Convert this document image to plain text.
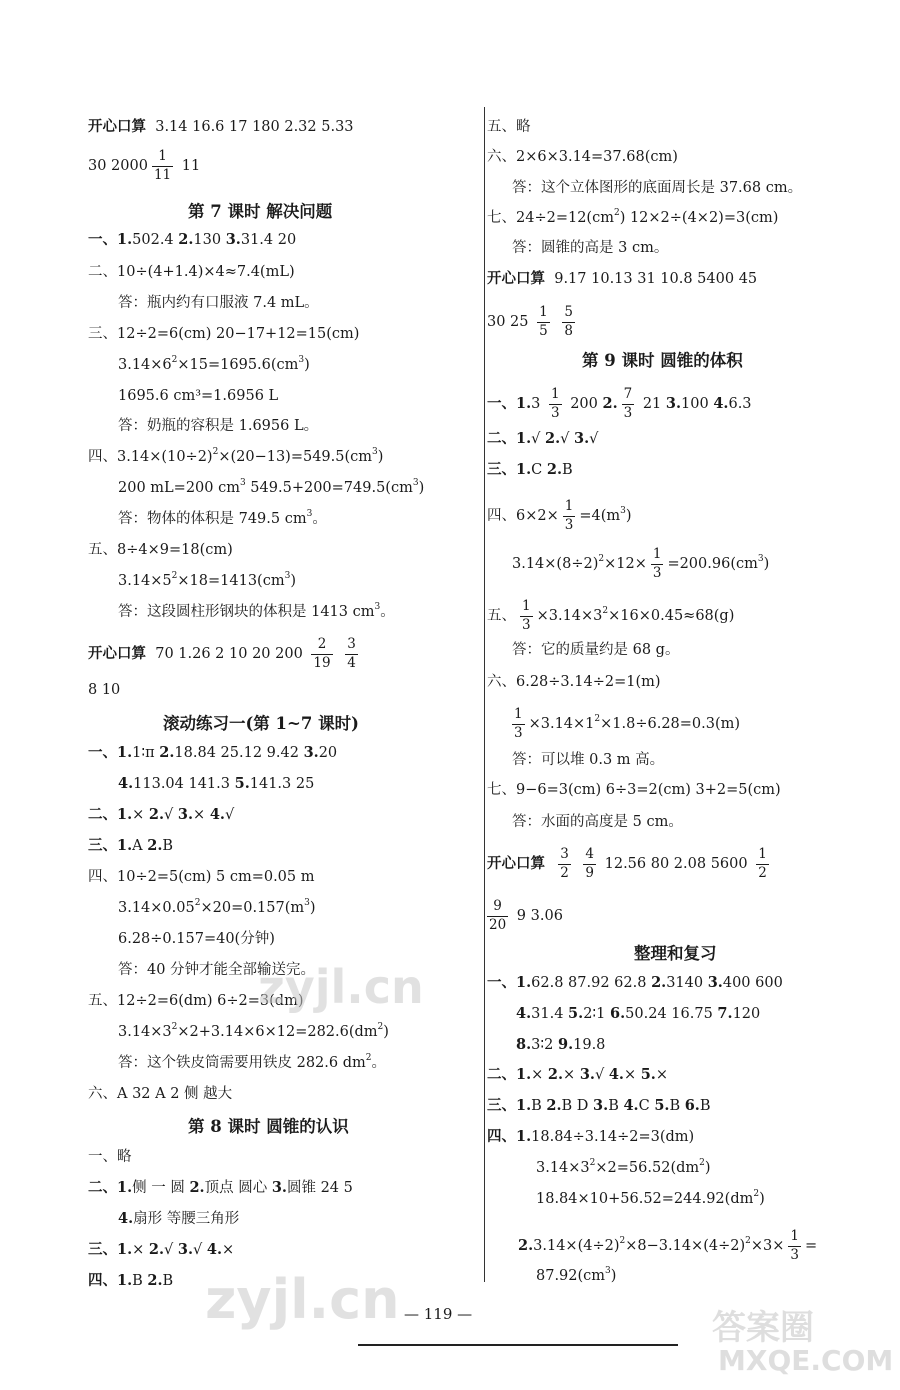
开心口算 3.14 16.6 17 180 2.32 5.33
30 $2000 \frac{1}{11} 11$
第 7 课时 解决问题
一、1.502.4 2.130 3.31.4 20
二、10÷(4+1.4)×4≈7.4(mL)
答：瓶内约有口服液 7.4 mL。
三、12÷2=6(cm) 20−17+12=15(cm)
$3.14\times 6^2\times 15=1695.6(cm^3)$
1695.6 cm³=1.6956 L
答：奶瓶的容积是 1.6956 L。
四、$3.14\times(10\div 2)^2\times(20-13)=549.5(cm^3)$
200 mL=200 $cm^3$ $549.5+200=749.5(cm^3)$
答：物体的体积是 749.5 $cm^3$。
五、8÷4×9=18(cm)
$3.14\times 5^2\times 18=1413(cm^3)$
答：这段圆柱形钢块的体积是 1413 $cm^3$。
开心口算 70 1.26 2 10 20 $200 \frac{2}{19}$
$\frac{3}{4}$
8 10
滚动练习一(第 1~7 课时)
一、1.1∶π 2.18.84 25.12 9.42 3.20
4.113.04 141.3 5.141.3 25
二、1.× 2.√ 3.× 4.√
三、1.A 2.B
四、10÷2=5(cm) 5 cm=0.05 m
$3.14\times 0.05^2\times 20=0.157(m^3)$
6.28÷0.157=40(分钟)
答：40 分钟才能全部输送完。
五、12÷2=6(dm) 6÷2=3(dm)
$3.14\times 3^2\times 2+3.14\times 6\times 12=282.6(dm^2)$
答：这个铁皮筒需要用铁皮 282.6 $dm^2$。
六、A 32 A 2 侧 越大
第 8 课时 圆锥的认识
一、略
二、1.侧 一 圆 2.顶点 圆心 3.圆锥 24 5
4.扇形 等腰三角形
三、1.× 2.√ 3.√ 4.×
四、1.B 2.B
五、略
六、2×6×3.14=37.68(cm)
答：这个立体图形的底面周长是 37.68 cm。
七、$24\div 2=12(cm^2)$ 12×2÷(4×2)=3(cm)
答：圆锥的高是 3 cm。
开心口算 9.17 10.13 31 10.8 5400 45
30 $25 \frac{1}{5}$
$\frac{5}{8}$
第 9 课时 圆锥的体积
一、$1.3 \frac{1}{3} 200$ 2. $\frac{7}{3} 21$ 3.100 4.6.3
二、1.√ 2.√ 3.√
三、1.C 2.B
四、$6\times 2\times \frac{1}{3} =4(m^3)$
$3.14\times(8\div 2)^2\times 12\times \frac{1}{3} =200.96(cm^3)$
五、 $\frac{1}{3} \times 3.14\times 3^2\times 16\times 0.45\approx 68(g)$
答：它的质量约是 68 g。
六、6.28÷3.14÷2=1(m)
$\frac{1}{3} \times 3.14\times 1^2\times 1.8\div 6.28=0.3(m)$
答：可以堆 0.3 m 高。
七、9−6=3(cm) 6÷3=2(cm) 3+2=5(cm)
答：水面的高度是 5 cm。
开心口算 $\frac{3}{2}$
$\frac{4}{9} 12.56$ 80 2.08 $5600 \frac{1}{2}$
$\frac{9}{20} 9$ 3.06
整理和复习
一、1.62.8 87.92 62.8 2.3140 3.400 600
4.31.4 5.2∶1 6.50.24 16.75 7.120
8.3∶2 9.19.8
二、1.× 2.× 3.√ 4.× 5.×
三、1.B 2.B D 3.B 4.C 5.B 6.B
四、1.18.84÷3.14÷2=3(dm)
$3.14\times 3^2\times 2=56.52(dm^2)$
$18.84\times 10+56.52=244.92(dm^2)$
$2.3.14\times(4\div 2)^2\times 8-3.14\times(4\div 2)^2\times 3\times \frac{1}{3}$ =
$87.92(cm^3)$
— 119 —
zyjl.cn
zyjl.cn	答案圈
MXQE.COM
